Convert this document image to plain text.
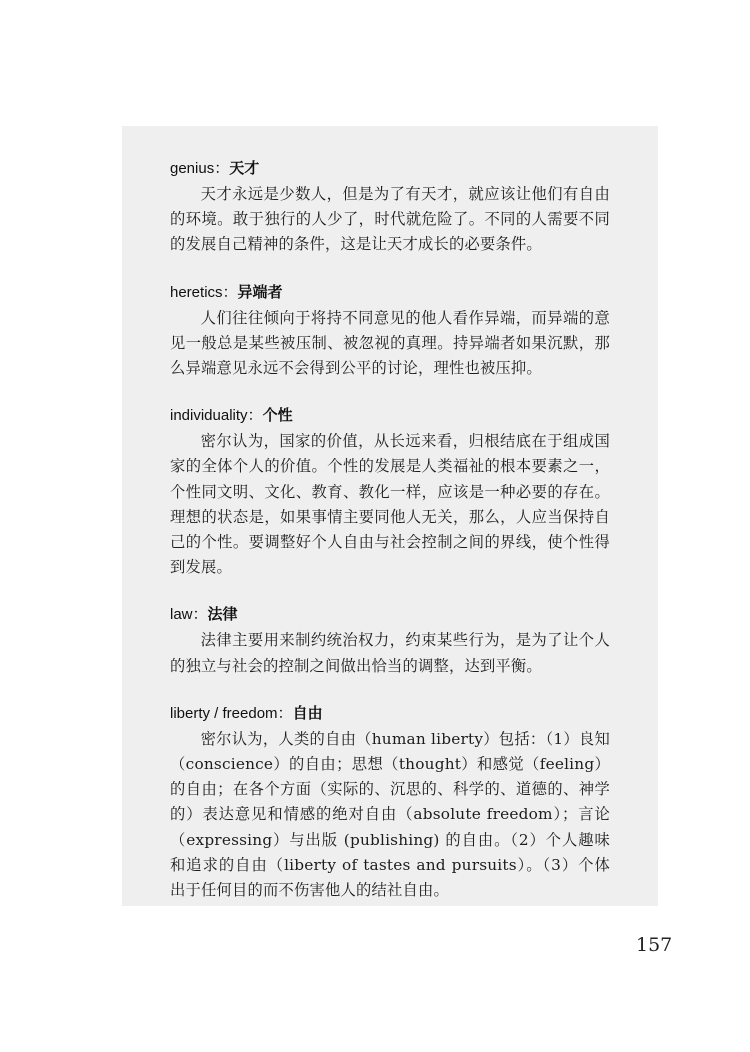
genius：天才

天才永远是少数人，但是为了有天才，就应该让他们有自由的环境。敢于独行的人少了，时代就危险了。不同的人需要不同的发展自己精神的条件，这是让天才成长的必要条件。

heretics：异端者

人们往往倾向于将持不同意见的他人看作异端，而异端的意见一般总是某些被压制、被忽视的真理。持异端者如果沉默，那么异端意见永远不会得到公平的讨论，理性也被压抑。

individuality：个性

密尔认为，国家的价值，从长远来看，归根结底在于组成国家的全体个人的价值。个性的发展是人类福祉的根本要素之一，个性同文明、文化、教育、教化一样，应该是一种必要的存在。理想的状态是，如果事情主要同他人无关，那么，人应当保持自己的个性。要调整好个人自由与社会控制之间的界线，使个性得到发展。

law：法律

法律主要用来制约统治权力，约束某些行为，是为了让个人的独立与社会的控制之间做出恰当的调整，达到平衡。

liberty / freedom：自由

密尔认为，人类的自由（human liberty）包括：（1）良知（conscience）的自由；思想（thought）和感觉（feeling）的自由；在各个方面（实际的、沉思的、科学的、道德的、神学的）表达意见和情感的绝对自由（absolute freedom）；言论（expressing）与出版 (publishing) 的自由。（2）个人趣味和追求的自由（liberty of tastes and pursuits）。（3）个体出于任何目的而不伤害他人的结社自由。

157
